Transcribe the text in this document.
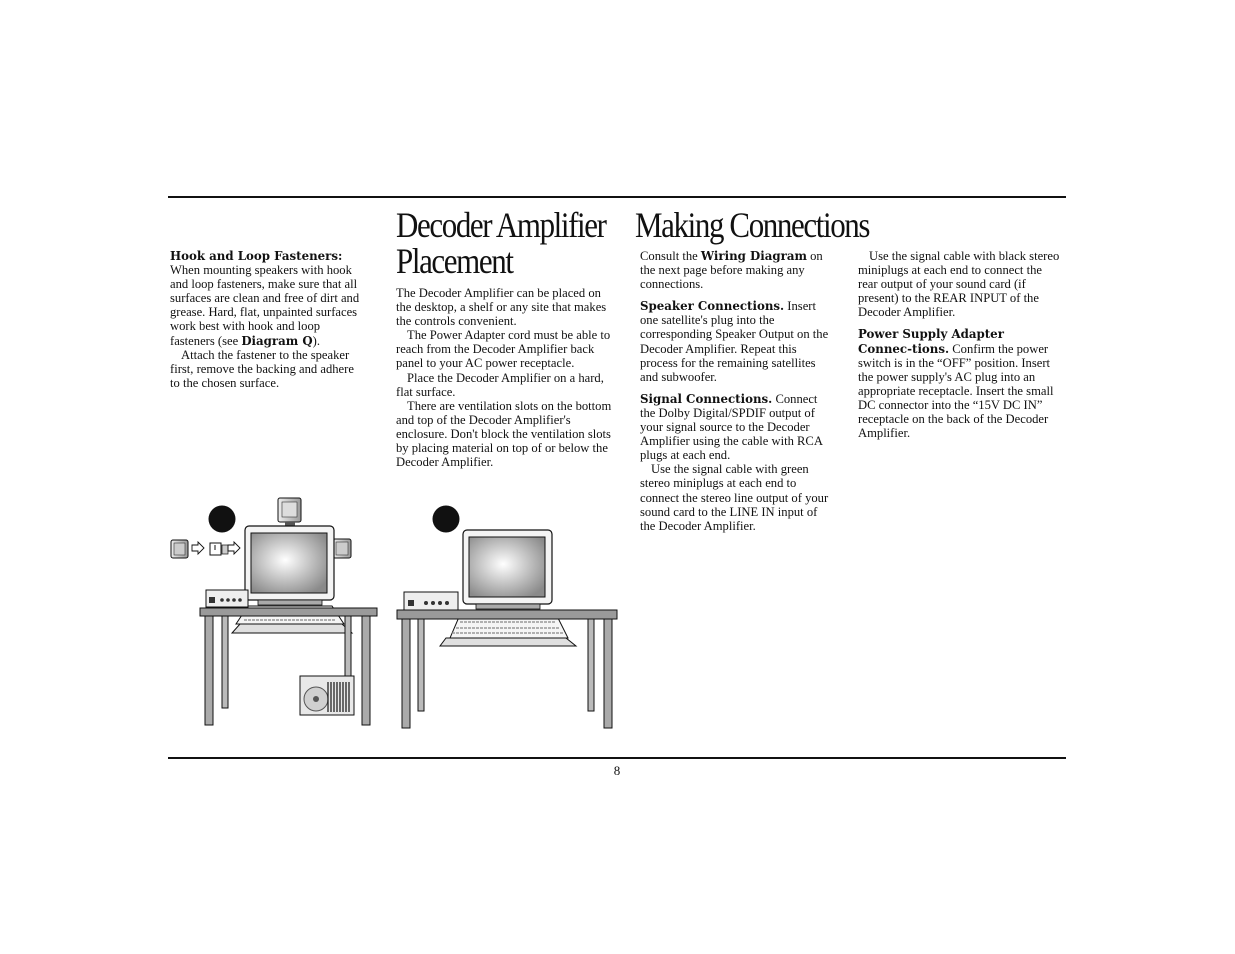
Hook and Loop Fasteners:
When mounting speakers with hook and loop fasteners, make sure that all surfaces are clean and free of dirt and grease. Hard, flat, unpainted surfaces work best with hook and loop fasteners (see Diagram Q).

Attach the fastener to the speaker first, remove the backing and adhere to the chosen surface.

Decoder Amplifier
Placement

The Decoder Amplifier can be placed on the desktop, a shelf or any site that makes the controls convenient.

The Power Adapter cord must be able to reach from the Decoder Amplifier back panel to your AC power receptacle.

Place the Decoder Amplifier on a hard, flat surface.

There are ventilation slots on the bottom and top of the Decoder Amplifier's enclosure. Don't block the ventilation slots by placing material on top of or below the Decoder Amplifier.

Making Connections

Consult the Wiring Diagram on the next page before making any connections.

Speaker Connections. Insert one satellite's plug into the corresponding Speaker Output on the Decoder Amplifier. Repeat this process for the remaining satellites and subwoofer.

Signal Connections. Connect the Dolby Digital/SPDIF output of your signal source to the Decoder Amplifier using the cable with RCA plugs at each end.

Use the signal cable with green stereo miniplugs at each end to connect the stereo line output of your sound card to the LINE IN input of the Decoder Amplifier.

Use the signal cable with black stereo miniplugs at each end to connect the rear output of your sound card (if present) to the REAR INPUT of the Decoder Amplifier.

Power Supply Adapter Connec-tions. Confirm the power switch is in the “OFF” position. Insert the power supply's AC plug into an appropriate receptacle. Insert the small DC connector into the “15V DC IN” receptacle on the back of the Decoder Amplifier.

8
